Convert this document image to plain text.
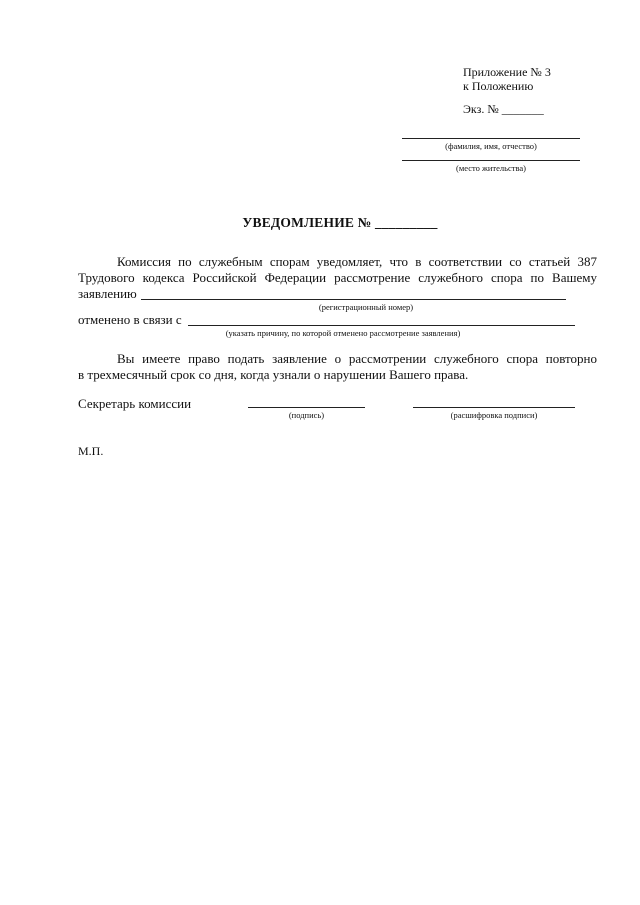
Приложение № 3
к Положению
Экз. № _______
(фамилия, имя, отчество)
(место жительства)
УВЕДОМЛЕНИЕ № _________
Комиссия по служебным спорам уведомляет, что в соответствии со статьей 387
Трудового кодекса Российской Федерации рассмотрение служебного спора по Вашему
заявлению
(регистрационный номер)
отменено в связи с
(указать причину, по которой отменено рассмотрение заявления)
Вы имеете право подать заявление о рассмотрении служебного спора повторно
в трехмесячный срок со дня, когда узнали о нарушении Вашего права.
Секретарь комиссии
(подпись)	(расшифровка подписи)
М.П.
